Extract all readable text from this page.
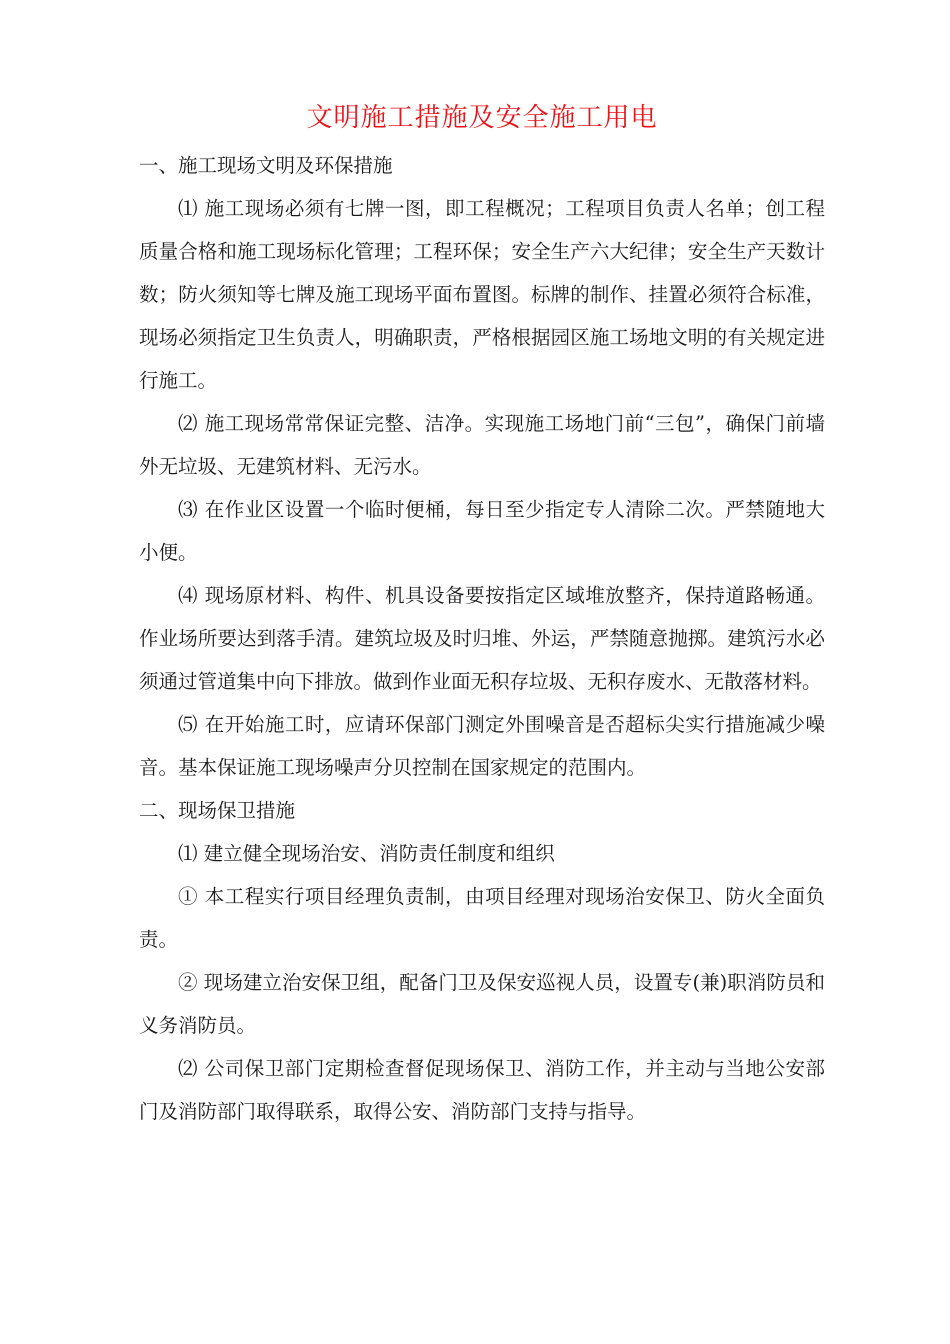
文明施工措施及安全施工用电

一、施工现场文明及环保措施

⑴ 施工现场必须有七牌一图，即工程概况；工程项目负责人名单；创工程质量合格和施工现场标化管理；工程环保；安全生产六大纪律；安全生产天数计数；防火须知等七牌及施工现场平面布置图。标牌的制作、挂置必须符合标准，现场必须指定卫生负责人，明确职责，严格根据园区施工场地文明的有关规定进行施工。

⑵ 施工现场常常保证完整、洁净。实现施工场地门前“三包”，确保门前墙外无垃圾、无建筑材料、无污水。

⑶ 在作业区设置一个临时便桶，每日至少指定专人清除二次。严禁随地大小便。

⑷ 现场原材料、构件、机具设备要按指定区域堆放整齐，保持道路畅通。作业场所要达到落手清。建筑垃圾及时归堆、外运，严禁随意抛掷。建筑污水必须通过管道集中向下排放。做到作业面无积存垃圾、无积存废水、无散落材料。

⑸ 在开始施工时，应请环保部门测定外围噪音是否超标尖实行措施减少噪音。基本保证施工现场噪声分贝控制在国家规定的范围内。

二、现场保卫措施

⑴ 建立健全现场治安、消防责任制度和组织

① 本工程实行项目经理负责制，由项目经理对现场治安保卫、防火全面负责。

② 现场建立治安保卫组，配备门卫及保安巡视人员，设置专(兼)职消防员和义务消防员。

⑵ 公司保卫部门定期检查督促现场保卫、消防工作，并主动与当地公安部门及消防部门取得联系，取得公安、消防部门支持与指导。
